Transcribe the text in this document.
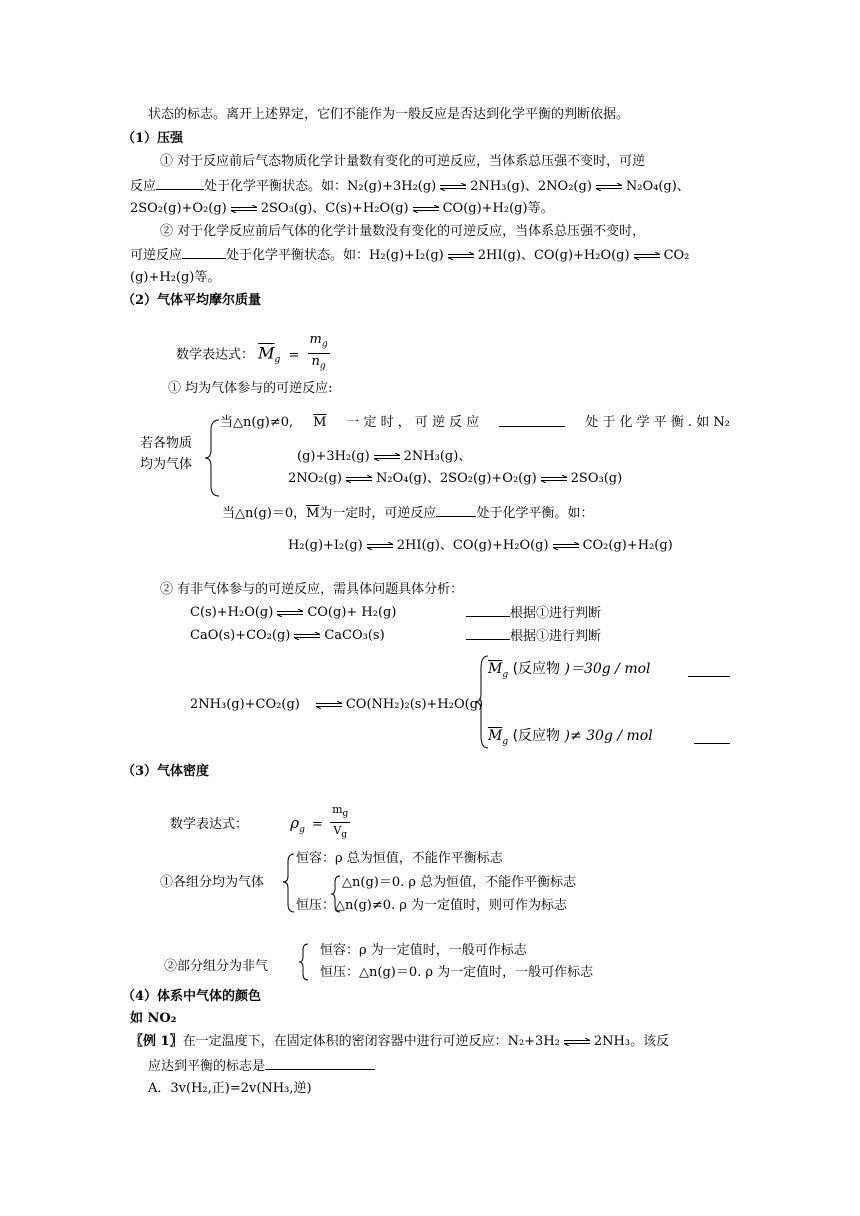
状态的标志。离开上述界定，它们不能作为一般反应是否达到化学平衡的判断依据。
（1）压强
① 对于反应前后气态物质化学计量数有变化的可逆反应，当体系总压强不变时，可逆
反应	处于化学平衡状态。如：N₂(g)+3H₂(g)	2NH₃(g)、2NO₂(g)	N₂O₄(g)、
2SO₂(g)+O₂(g)	2SO₃(g)、C(s)+H₂O(g)	CO(g)+H₂(g)等。
② 对于化学反应前后气体的化学计量数没有变化的可逆反应，当体系总压强不变时，
可逆反应	处于化学平衡状态。如：H₂(g)+I₂(g)	2HI(g)、CO(g)+H₂O(g)	CO₂
(g)+H₂(g)等。
（2）气体平均摩尔质量
数学表达式： $\overline{M}_g = \frac{m_g}{n_g}$
① 均为气体参与的可逆反应:
若各物质
均为气体
当△n(g)≠0, $\overline{M}$ 一 定 时 ， 可 逆 反 应	处 于 化 学 平 衡 . 如 N₂
(g)+3H₂(g)	2NH₃(g)、
2NO₂(g)	N₂O₄(g)、2SO₂(g)+O₂(g)	2SO₃(g)
当△n(g)＝0，$\overline{M}$为一定时，可逆反应	处于化学平衡。如：
H₂(g)+I₂(g)	2HI(g)、CO(g)+H₂O(g)	CO₂(g)+H₂(g)
② 有非气体参与的可逆反应，需具体问题具体分析：
C(s)+H₂O(g)	CO(g)+ H₂(g)	根据①进行判断
CaO(s)+CO₂(g)	CaCO₃(s)	根据①进行判断
2NH₃(g)+CO₂(g)	CO(NH₂)₂(s)+H₂O(g)
$\overline{M}_g$ (反应物 )＝30g / mol
$\overline{M}_g$ (反应物 )≠ 30g / mol
（3）气体密度
数学表达式：	$\rho_g = \frac{m_g}{V_g}$
①各组分均为气体
恒容：ρ 总为恒值，不能作平衡标志
△n(g)＝0. ρ 总为恒值，不能作平衡标志
恒压：△n(g)≠0. ρ 为一定值时，则可作为标志
②部分组分为非气
恒容：ρ 为一定值时，一般可作标志
恒压：△n(g)＝0. ρ 为一定值时，一般可作标志
（4）体系中气体的颜色
如 NO₂
〖例 1〗在一定温度下，在固定体积的密闭容器中进行可逆反应：N₂+3H₂	2NH₃。该反
应达到平衡的标志是
A．3v(H₂,正)=2v(NH₃,逆)
